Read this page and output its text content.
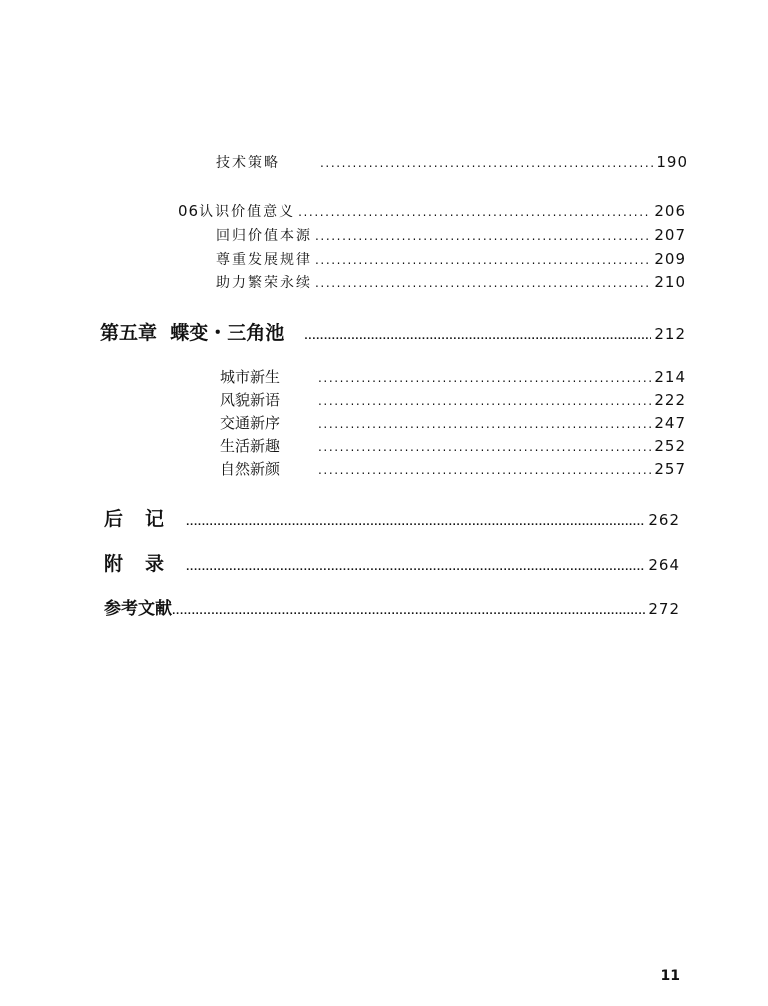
技术策略 .....	190
06 认识价值意义 .....	206
回归价值本源 .....	207
尊重发展规律 .....	209
助力繁荣永续 .....	210
第五章  蝶变・三角池 .....	212
城市新生 .....	214
风貌新语 .....	222
交通新序 .....	247
生活新趣 .....	252
自然新颜 .....	257
后记 .....	262
附录 .....	264
参考文献 .....	272
11
